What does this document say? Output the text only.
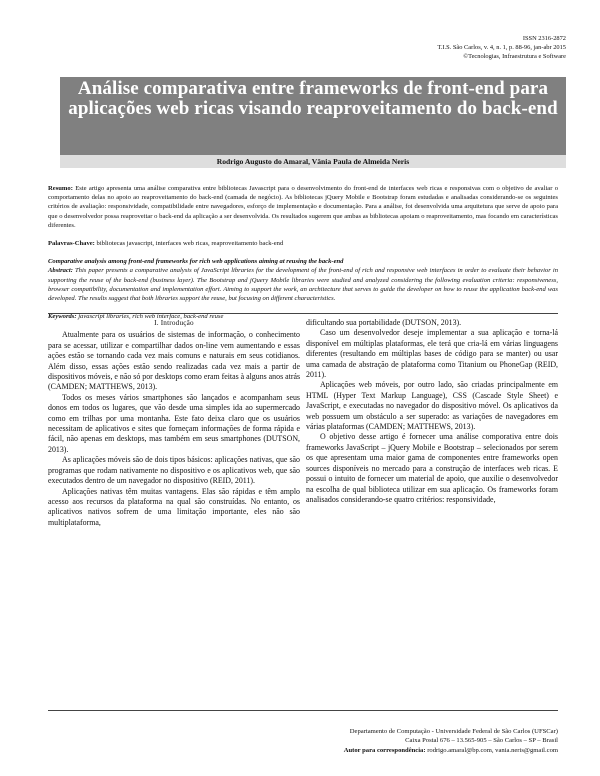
ISSN 2316-2872
T.I.S. São Carlos, v. 4, n. 1, p. 88-96, jan-abr 2015
©Tecnologias, Infraestrutura e Software
Análise comparativa entre frameworks de front-end para aplicações web ricas visando reaproveitamento do back-end
Rodrigo Augusto do Amaral, Vânia Paula de Almeida Neris

Resumo: Este artigo apresenta uma análise comparativa entre bibliotecas Javascript para o desenvolvimento do front-end de interfaces web ricas e responsivas com o objetivo de avaliar o comportamento delas no apoio ao reaproveitamento do back-end (camada de negócio). As bibliotecas jQuery Mobile e Bootstrap foram estudadas e analisadas considerando-se os seguintes critérios de avaliação: responsividade, compatibilidade entre navegadores, esforço de implementação e documentação. Para a análise, foi desenvolvida uma arquitetura que serve de apoio para que o desenvolvedor possa reaproveitar o back-end da aplicação a ser desenvolvida. Os resultados sugerem que ambas as bibliotecas apoiam o reaproveitamento, mas focando em características diferentes.

Palavras-Chave: bibliotecas javascript, interfaces web ricas, reaproveitamento back-end

Comparative analysis among front-end frameworks for rich web applications aiming at reusing the back-end

Abstract: This paper presents a comparative analysis of JavaScript libraries for the development of the front-end of rich and responsive web interfaces in order to evaluate their behavior in supporting the reuse of the back-end (business layer). The Bootstrap and jQuery Mobile libraries were studied and analyzed considering the following evaluation criteria: responsiveness, browser compatibility, documentation and implementation effort. Aiming to support the work, an architecture that serves to guide the developer on how to reuse the application back-end was developed. The results suggest that both libraries support the reuse, but focusing on different characteristics.

Keywords: javascript libraries, rich web interface, back-end reuse

I. Introdução

Atualmente para os usuários de sistemas de informação, o conhecimento para se acessar, utilizar e compartilhar dados on-line vem aumentando e essas ações estão se tornando cada vez mais comuns e naturais em seus cotidianos. Além disso, essas ações estão sendo realizadas cada vez mais a partir de dispositivos móveis, e não só por desktops como eram feitas à alguns anos atrás (CAMDEN; MATTHEWS, 2013).

Todos os meses vários smartphones são lançados e acompanham seus donos em todos os lugares, que vão desde uma simples ida ao supermercado como em trilhas por uma montanha. Este fato deixa claro que os usuários necessitam de aplicativos e sites que forneçam informações de forma rápida e fácil, não apenas em desktops, mas também em seus smartphones (DUTSON, 2013).

As aplicações móveis são de dois tipos básicos: aplicações nativas, que são programas que rodam nativamente no dispositivo e os aplicativos web, que são executados dentro de um navegador no dispositivo (REID, 2011).

Aplicações nativas têm muitas vantagens. Elas são rápidas e têm amplo acesso aos recursos da plataforma na qual são construídas. No entanto, os aplicativos nativos sofrem de uma limitação importante, eles não são multiplataforma,

dificultando sua portabilidade (DUTSON, 2013).

Caso um desenvolvedor deseje implementar a sua aplicação e torna-lá disponível em múltiplas plataformas, ele terá que cria-lá em várias linguagens diferentes (resultando em múltiplas bases de código para se manter) ou usar uma camada de abstração de plataforma como Titanium ou PhoneGap (REID, 2011).

Aplicações web móveis, por outro lado, são criadas principalmente em HTML (Hyper Text Markup Language), CSS (Cascade Style Sheet) e JavaScript, e executadas no navegador do dispositivo móvel. Os aplicativos da web possuem um obstáculo a ser superado: as variações de navegadores em várias plataformas (CAMDEN; MATTHEWS, 2013).

O objetivo desse artigo é fornecer uma análise comporativa entre dois frameworks JavaScript – jQuery Mobile e Bootstrap – selecionados por serem os que apresentam uma maior gama de componentes entre frameworks open sources disponíveis no mercado para a construção de interfaces web ricas. E possui o intuito de fornecer um material de apoio, que auxilie o desenvolvedor na escolha de qual biblioteca utilizar em sua aplicação. Os frameworks foram analisados considerando-se quatro critérios: responsividade,

Departamento de Computação - Universidade Federal de São Carlos (UFSCar)
Caixa Postal 676 – 13.565-905 – São Carlos – SP – Brasil
Autor para correspondência: rodrigo.amaral@bp.com, vania.neris@gmail.com
